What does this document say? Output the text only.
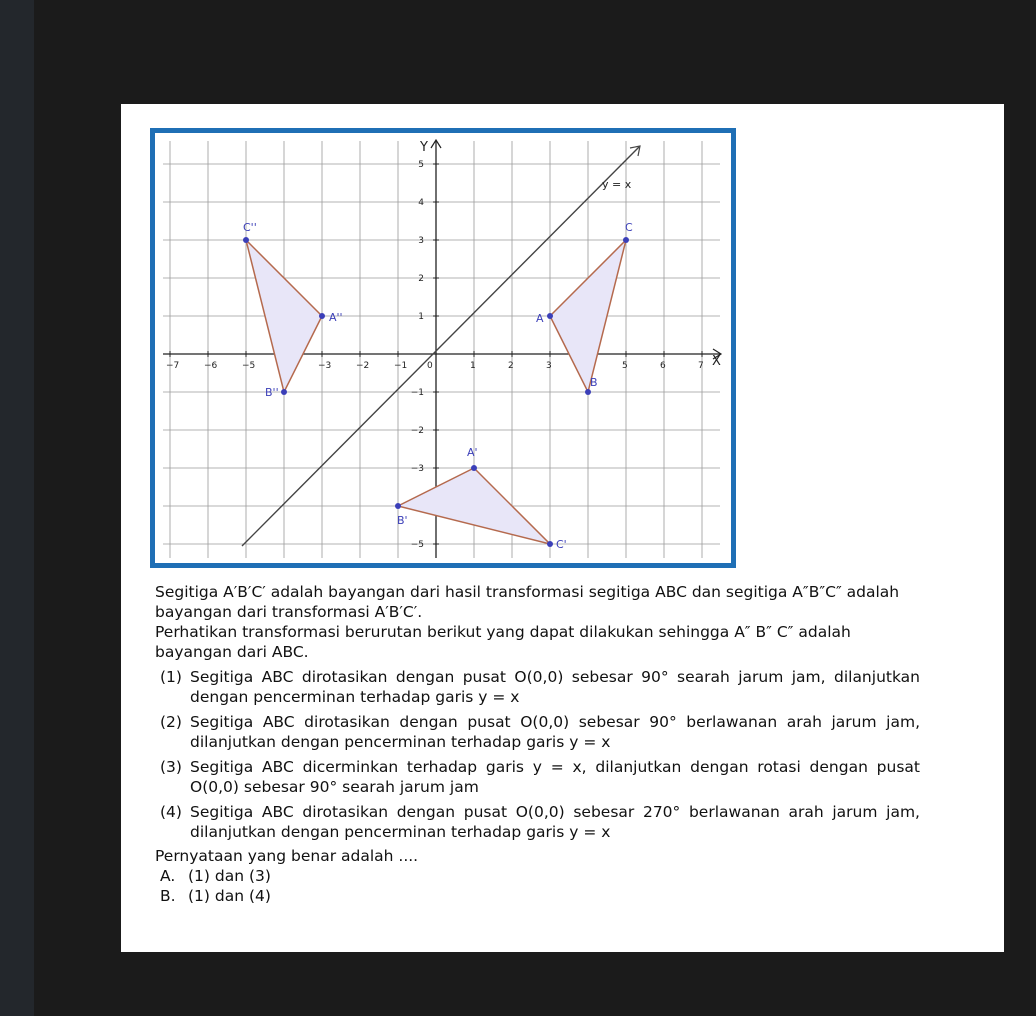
X
Y
−7	−6	−5	−3	−2	−1 0	1	2	3	5	6	7
5
4
3
2
1
−1
−2
−3
−5
y = x
A
B
C
A'
B'
C'
A''
B''
C''

Segitiga A′B′C′ adalah bayangan dari hasil transformasi segitiga ABC dan segitiga A″B″C″ adalah bayangan dari transformasi A′B′C′.

Perhatikan transformasi berurutan berikut yang dapat dilakukan sehingga A″ B″ C″ adalah bayangan dari ABC.

(1) Segitiga ABC dirotasikan dengan pusat O(0,0) sebesar 90° searah jarum jam, dilanjutkan dengan pencerminan terhadap garis y = x
(2) Segitiga ABC dirotasikan dengan pusat O(0,0) sebesar 90° berlawanan arah jarum jam, dilanjutkan dengan pencerminan terhadap garis y = x
(3) Segitiga ABC dicerminkan terhadap garis y = x, dilanjutkan dengan rotasi dengan pusat O(0,0) sebesar 90° searah jarum jam
(4) Segitiga ABC dirotasikan dengan pusat O(0,0) sebesar 270° berlawanan arah jarum jam, dilanjutkan dengan pencerminan terhadap garis y = x

Pernyataan yang benar adalah ....

A. (1) dan (3)
B. (1) dan (4)
